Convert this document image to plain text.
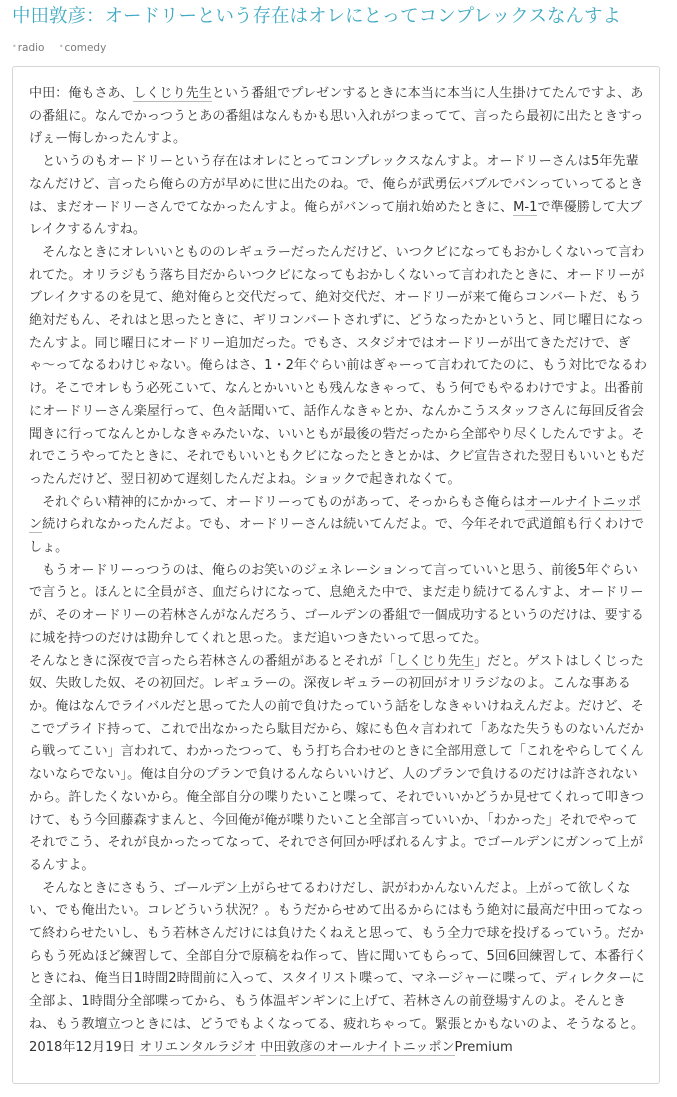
中田敦彦：オードリーという存在はオレにとってコンプレックスなんすよ
•radio •comedy

中田：俺もさあ、しくじり先生という番組でプレゼンするときに本当に本当に人生掛けてたんですよ、あの番組に。なんでかっつうとあの番組はなんもかも思い入れがつまってて、言ったら最初に出たときすっげぇー悔しかったんすよ。

　というのもオードリーという存在はオレにとってコンプレックスなんすよ。オードリーさんは5年先輩なんだけど、言ったら俺らの方が早めに世に出たのね。で、俺らが武勇伝バブルでバンっていってるときは、まだオードリーさんでてなかったんすよ。俺らがバンって崩れ始めたときに、M-1で準優勝して大ブレイクするんすね。

　そんなときにオレいいともののレギュラーだったんだけど、いつクビになってもおかしくないって言われてた。オリラジもう落ち目だからいつクビになってもおかしくないって言われたときに、オードリーがブレイクするのを見て、絶対俺らと交代だって、絶対交代だ、オードリーが来て俺らコンバートだ、もう絶対だもん、それはと思ったときに、ギリコンバートされずに、どうなったかというと、同じ曜日になったんすよ。同じ曜日にオードリー追加だった。でもさ、スタジオではオードリーが出てきただけで、ぎゃ〜ってなるわけじゃない。俺らはさ、1・2年ぐらい前はぎゃーって言われてたのに、もう対比でなるわけ。そこでオレもう必死こいて、なんとかいいとも残んなきゃって、もう何でもやるわけですよ。出番前にオードリーさん楽屋行って、色々話聞いて、話作んなきゃとか、なんかこうスタッフさんに毎回反省会聞きに行ってなんとかしなきゃみたいな、いいともが最後の砦だったから全部やり尽くしたんですよ。それでこうやってたときに、それでもいいともクビになったときとかは、クビ宣告された翌日もいいともだったんだけど、翌日初めて遅刻したんだよね。ショックで起きれなくて。

　それぐらい精神的にかかって、オードリーってものがあって、そっからもさ俺らはオールナイトニッポン続けられなかったんだよ。でも、オードリーさんは続いてんだよ。で、今年それで武道館も行くわけでしょ。

　もうオードリーっつうのは、俺らのお笑いのジェネレーションって言っていいと思う、前後5年ぐらいで言うと。ほんとに全員がさ、血だらけになって、息絶えた中で、まだ走り続けてるんすよ、オードリーが、そのオードリーの若林さんがなんだろう、ゴールデンの番組で一個成功するというのだけは、要するに城を持つのだけは勘弁してくれと思った。まだ追いつきたいって思ってた。

そんなときに深夜で言ったら若林さんの番組があるとそれが「しくじり先生」だと。ゲストはしくじった奴、失敗した奴、その初回だ。レギュラーの。深夜レギュラーの初回がオリラジなのよ。こんな事あるか。俺はなんでライバルだと思ってた人の前で負けたっていう話をしなきゃいけねえんだよ。だけど、そこでプライド持って、これで出なかったら駄目だから、嫁にも色々言われて「あなた失うものないんだから戦ってこい」言われて、わかったつって、もう打ち合わせのときに全部用意して「これをやらしてくんないならでない」。俺は自分のプランで負けるんならいいけど、人のプランで負けるのだけは許されないから。許したくないから。俺全部自分の喋りたいこと喋って、それでいいかどうか見せてくれって叩きつけて、もう今回藤森すまんと、今回俺が俺が喋りたいこと全部言っていいか、「わかった」それでやってそれでこう、それが良かったってなって、それでさ何回か呼ばれるんすよ。でゴールデンにガンって上がるんすよ。

　そんなときにさもう、ゴールデン上がらせてるわけだし、訳がわかんないんだよ。上がって欲しくない、でも俺出たい。コレどういう状況？。もうだからせめて出るからにはもう絶対に最高だ中田ってなって終わらせたいし、もう若林さんだけには負けたくねえと思って、もう全力で球を投げるっていう。だからもう死ぬほど練習して、全部自分で原稿をね作って、皆に聞いてもらって、5回6回練習して、本番行くときにね、俺当日1時間2時間前に入って、スタイリスト喋って、マネージャーに喋って、ディレクターに全部よ、1時間分全部喋ってから、もう体温ギンギンに上げて、若林さんの前登場すんのよ。そんときね、もう教壇立つときには、どうでもよくなってる、疲れちゃって。緊張とかもないのよ、そうなると。

2018年12月19日 オリエンタルラジオ 中田敦彦のオールナイトニッポンPremium
